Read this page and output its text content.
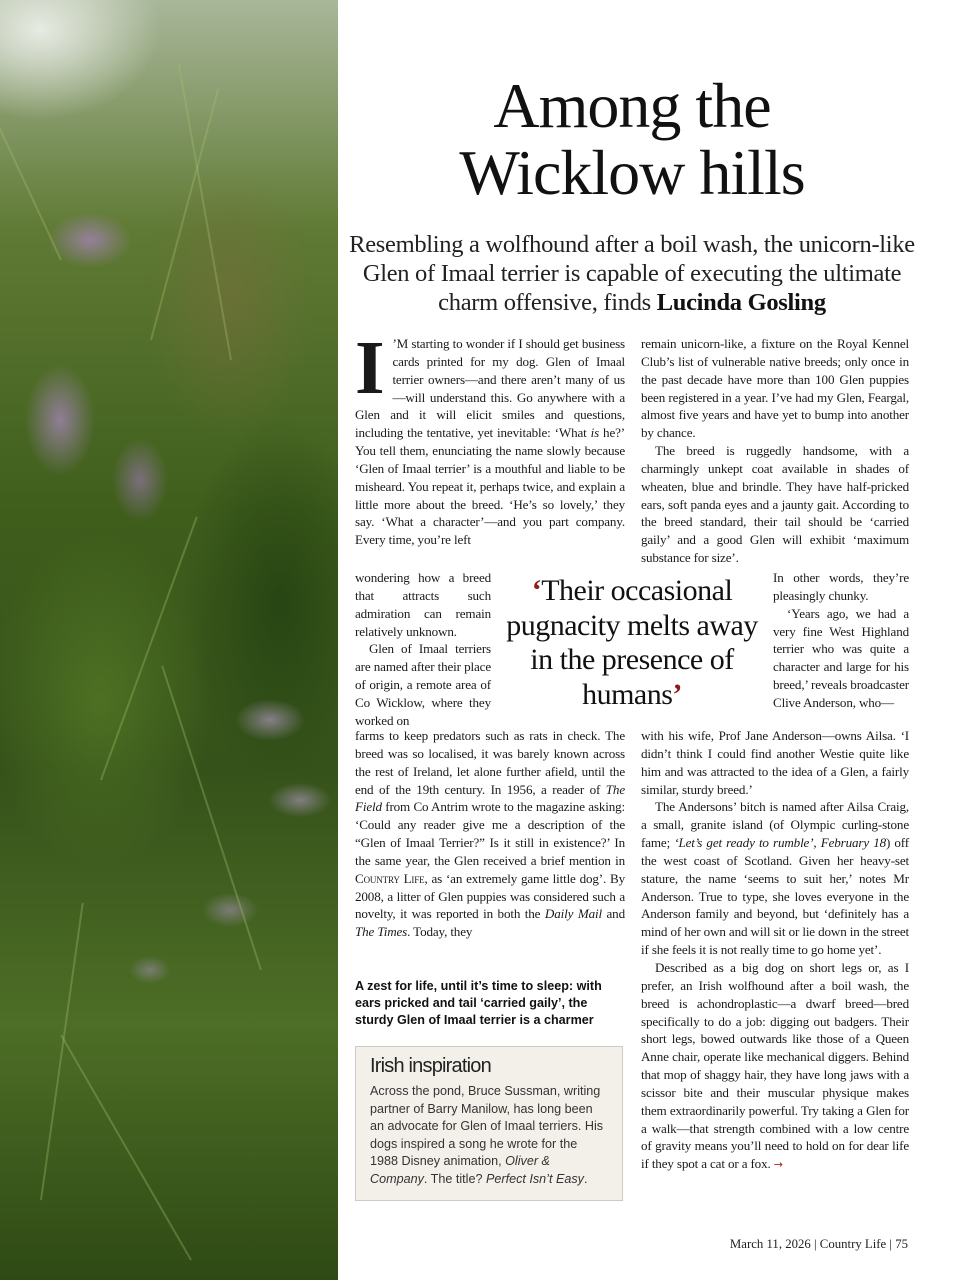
Among the
Wicklow hills

Resembling a wolfhound after a boil wash, the unicorn-like Glen of Imaal terrier is capable of executing the ultimate charm offensive, finds Lucinda Gosling

I ’M starting to wonder if I should get business cards printed for my dog. Glen of Imaal terrier owners—and there aren’t many of us—will understand this. Go anywhere with a Glen and it will elicit smiles and questions, including the tentative, yet inevitable: ‘What is he?’ You tell them, enunciating the name slowly because ‘Glen of Imaal terrier’ is a mouthful and liable to be misheard. You repeat it, perhaps twice, and explain a little more about the breed. ‘He’s so lovely,’ they say. ‘What a character’—and you part company. Every time, you’re left

wondering how a breed that attracts such admiration can remain relatively unknown.

Glen of Imaal terriers are named after their place of origin, a remote area of Co Wicklow, where they worked on

farms to keep predators such as rats in check. The breed was so localised, it was barely known across the rest of Ireland, let alone further afield, until the end of the 19th century. In 1956, a reader of The Field from Co Antrim wrote to the magazine asking: ‘Could any reader give me a description of the “Glen of Imaal Terrier?” Is it still in existence?’ In the same year, the Glen received a brief mention in Country Life, as ‘an extremely game little dog’. By 2008, a litter of Glen puppies was considered such a novelty, it was reported in both the Daily Mail and The Times. Today, they

‘Their occasional pugnacity melts away in the presence of humans’

remain unicorn-like, a fixture on the Royal Kennel Club’s list of vulnerable native breeds; only once in the past decade have more than 100 Glen puppies been registered in a year. I’ve had my Glen, Feargal, almost five years and have yet to bump into another by chance.

The breed is ruggedly handsome, with a charmingly unkept coat available in shades of wheaten, blue and brindle. They have half-pricked ears, soft panda eyes and a jaunty gait. According to the breed standard, their tail should be ‘carried gaily’ and a good Glen will exhibit ‘maximum substance for size’.

In other words, they’re pleasingly chunky.

‘Years ago, we had a very fine West Highland terrier who was quite a character and large for his breed,’ reveals broadcaster Clive Anderson, who—

with his wife, Prof Jane Anderson—owns Ailsa. ‘I didn’t think I could find another Westie quite like him and was attracted to the idea of a Glen, a fairly similar, sturdy breed.’

The Andersons’ bitch is named after Ailsa Craig, a small, granite island (of Olympic curling-stone fame; ‘Let’s get ready to rumble’, February 18) off the west coast of Scotland. Given her heavy-set stature, the name ‘seems to suit her,’ notes Mr Anderson. True to type, she loves everyone in the Anderson family and beyond, but ‘definitely has a mind of her own and will sit or lie down in the street if she feels it is not really time to go home yet’.

Described as a big dog on short legs or, as I prefer, an Irish wolfhound after a boil wash, the breed is achondroplastic—a dwarf breed—bred specifically to do a job: digging out badgers. Their short legs, bowed outwards like those of a Queen Anne chair, operate like mechanical diggers. Behind that mop of shaggy hair, they have long jaws with a scissor bite and their muscular physique makes them extraordinarily powerful. Try taking a Glen for a walk—that strength combined with a low centre of gravity means you’ll need to hold on for dear life if they spot a cat or a fox. →

A zest for life, until it’s time to sleep: with ears pricked and tail ‘carried gaily’, the sturdy Glen of Imaal terrier is a charmer
Irish inspiration

Across the pond, Bruce Sussman, writing partner of Barry Manilow, has long been an advocate for Glen of Imaal terriers. His dogs inspired a song he wrote for the 1988 Disney animation, Oliver & Company. The title? Perfect Isn’t Easy.

March 11, 2026 | Country Life | 75
